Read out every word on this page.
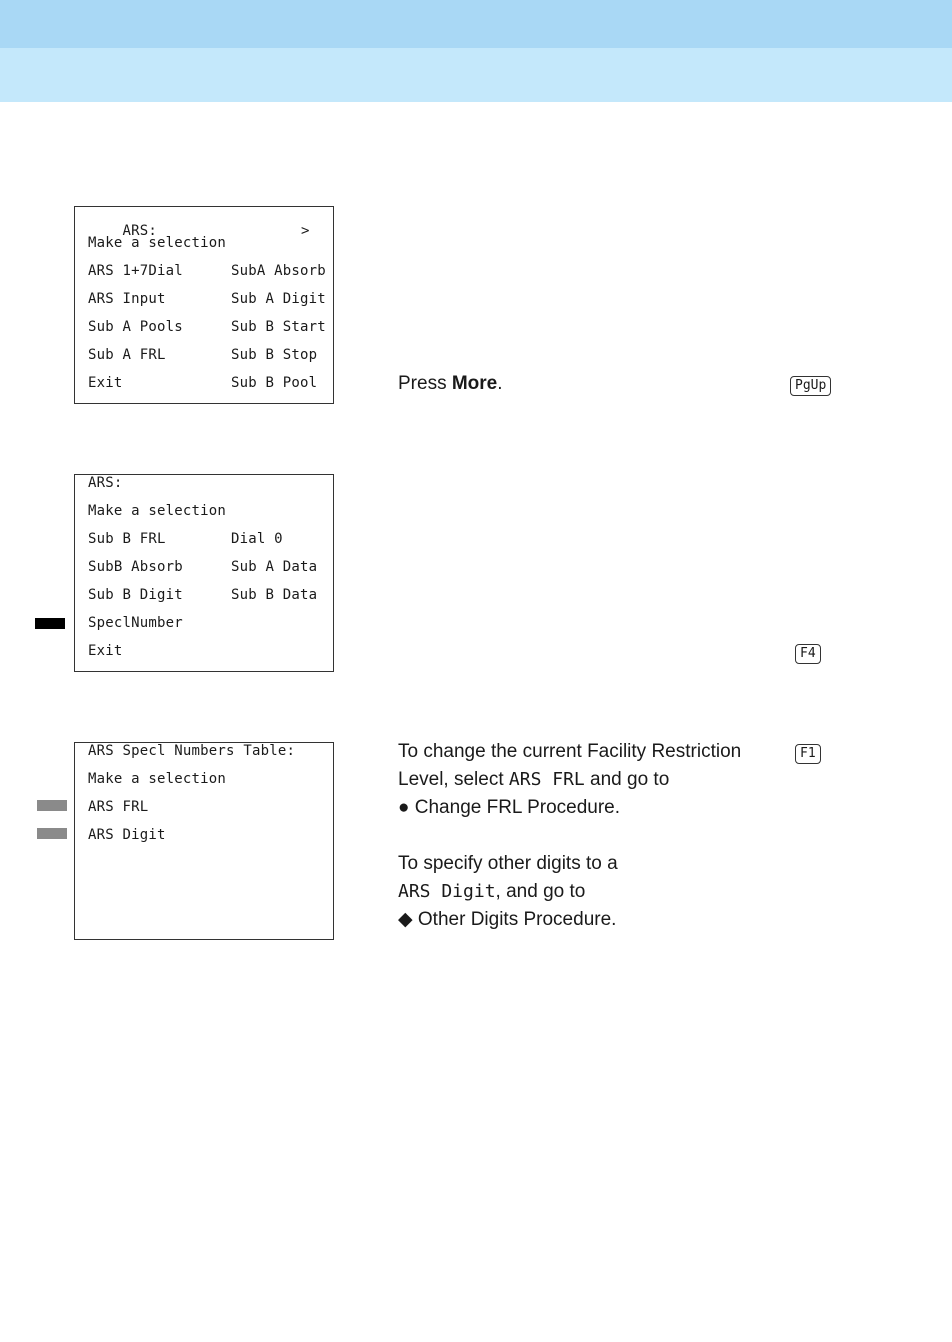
ARS:	>

Make a selection
ARS 1+7Dial	SubA Absorb
ARS Input	Sub A Digit
Sub A Pools	Sub B Start
Sub A FRL	Sub B Stop
Exit	Sub B Pool	Press More.	PgUp
ARS:
Make a selection
Sub B FRL	Dial 0
SubB Absorb	Sub A Data
Sub B Digit	Sub B Data
SpeclNumber
Exit	F4
ARS Specl Numbers Table:
Make a selection
ARS FRL
ARS Digit
F1
To change the current Facility Restriction
Level, select ARS FRL and go to
● Change FRL Procedure.
To specify other digits to a
ARS Digit, and go to
◆ Other Digits Procedure.
